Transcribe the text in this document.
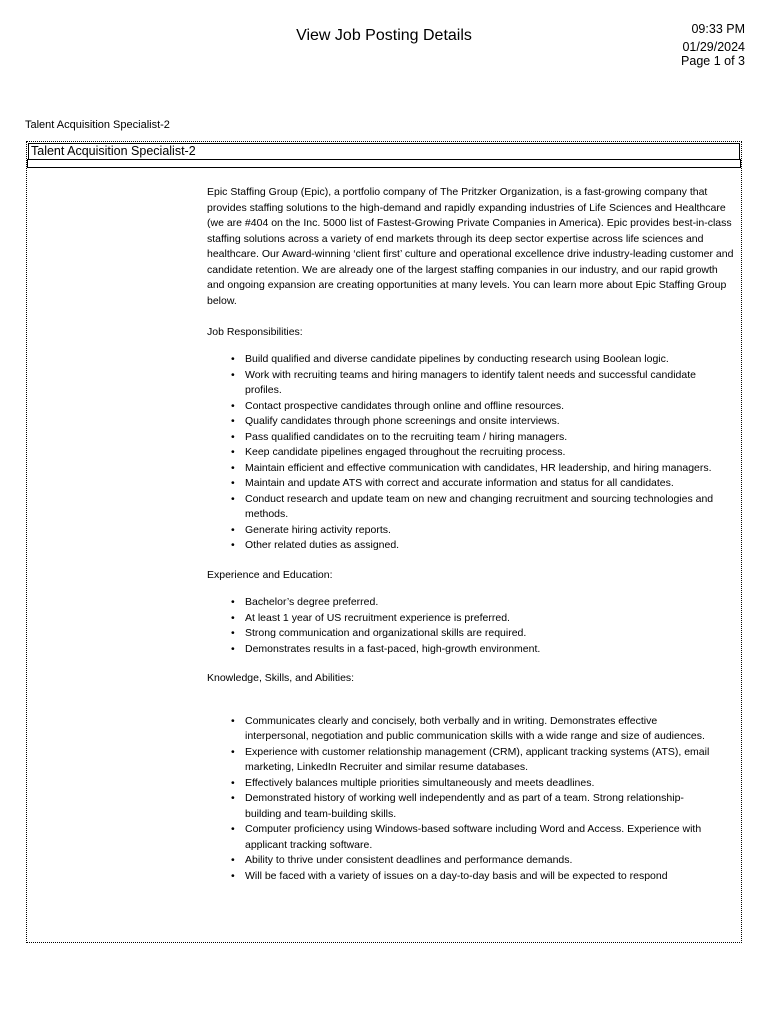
View Job Posting Details	09:33 PM
01/29/2024
Page 1 of 3
Talent Acquisition Specialist-2
Talent Acquisition Specialist-2

Epic Staffing Group (Epic), a portfolio company of The Pritzker Organization, is a fast-growing company that provides staffing solutions to the high-demand and rapidly expanding industries of Life Sciences and Healthcare (we are #404 on the Inc. 5000 list of Fastest-Growing Private Companies in America). Epic provides best-in-class staffing solutions across a variety of end markets through its deep sector expertise across life sciences and healthcare. Our Award-winning ‘client first’ culture and operational excellence drive industry-leading customer and candidate retention. We are already one of the largest staffing companies in our industry, and our rapid growth and ongoing expansion are creating opportunities at many levels. You can learn more about Epic Staffing Group below.

Job Responsibilities:

• Build qualified and diverse candidate pipelines by conducting research using Boolean logic.
• Work with recruiting teams and hiring managers to identify talent needs and successful candidate profiles.
• Contact prospective candidates through online and offline resources.
• Qualify candidates through phone screenings and onsite interviews.
• Pass qualified candidates on to the recruiting team / hiring managers.
• Keep candidate pipelines engaged throughout the recruiting process.
• Maintain efficient and effective communication with candidates, HR leadership, and hiring managers.
• Maintain and update ATS with correct and accurate information and status for all candidates.
• Conduct research and update team on new and changing recruitment and sourcing technologies and methods.
• Generate hiring activity reports.
• Other related duties as assigned.

Experience and Education:

• Bachelor’s degree preferred.
• At least 1 year of US recruitment experience is preferred.
• Strong communication and organizational skills are required.
• Demonstrates results in a fast-paced, high-growth environment.

Knowledge, Skills, and Abilities:

• Communicates clearly and concisely, both verbally and in writing. Demonstrates effective interpersonal, negotiation and public communication skills with a wide range and size of audiences.
• Experience with customer relationship management (CRM), applicant tracking systems (ATS), email marketing, LinkedIn Recruiter and similar resume databases.
• Effectively balances multiple priorities simultaneously and meets deadlines.
• Demonstrated history of working well independently and as part of a team. Strong relationship-building and team-building skills.
• Computer proficiency using Windows-based software including Word and Access. Experience with applicant tracking software.
• Ability to thrive under consistent deadlines and performance demands.
• Will be faced with a variety of issues on a day-to-day basis and will be expected to respond
